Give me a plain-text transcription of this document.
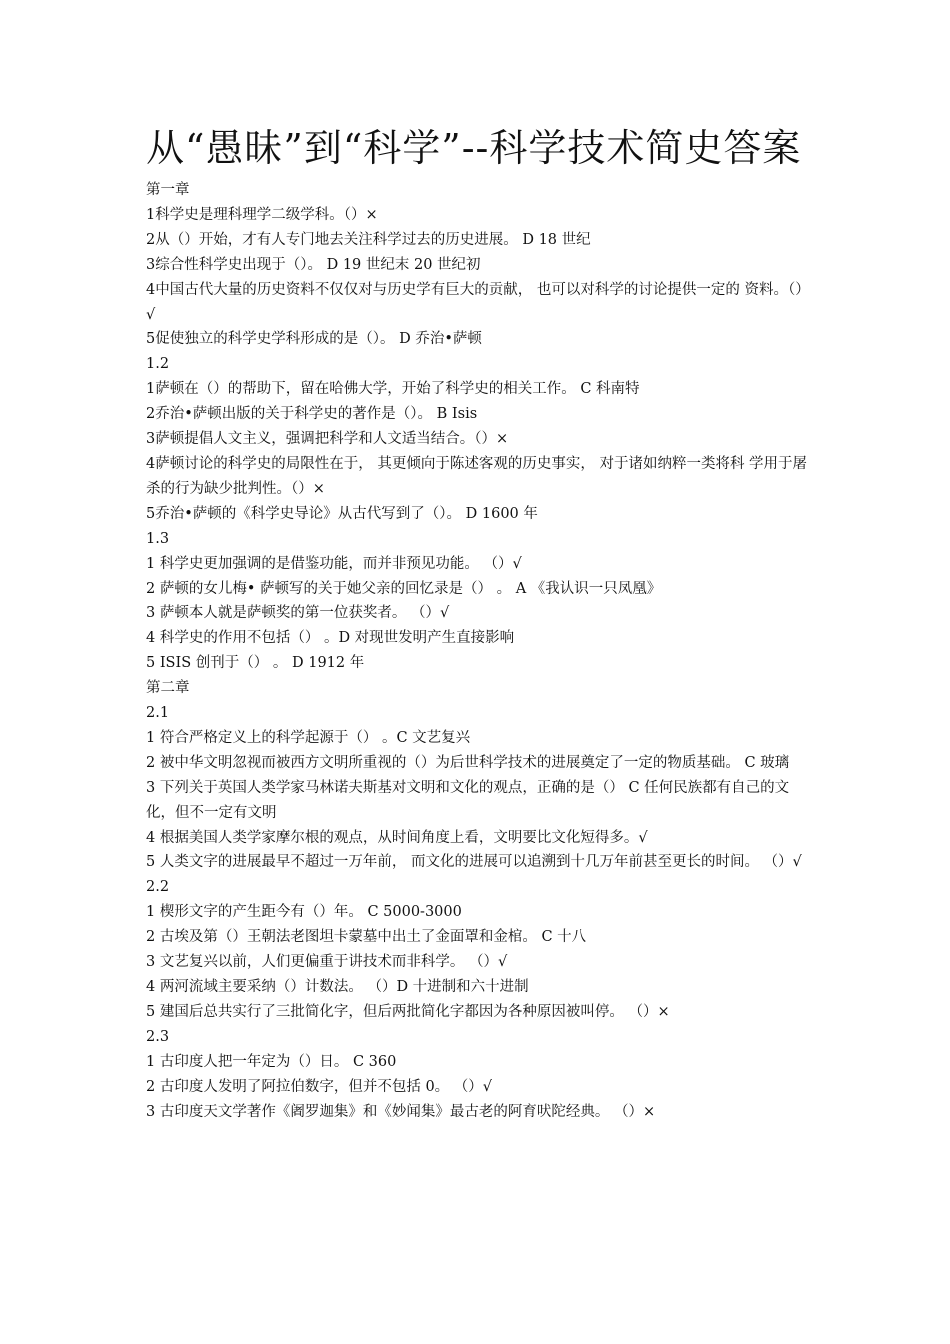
从“愚昧”到“科学”--科学技术简史答案
第一章
1科学史是理科理学二级学科。（）×
2从（）开始，才有人专门地去关注科学过去的历史进展。 D 18 世纪
3综合性科学史出现于（）。 D 19 世纪末 20 世纪初
4中国古代大量的历史资料不仅仅对与历史学有巨大的贡献， 也可以对科学的讨论提供一定的 资料。（）√
5促使独立的科学史学科形成的是（）。 D 乔治•萨顿
1.2
1萨顿在（）的帮助下，留在哈佛大学，开始了科学史的相关工作。 C 科南特
2乔治•萨顿出版的关于科学史的著作是（）。 B Isis
3萨顿提倡人文主义，强调把科学和人文适当结合。（）×
4萨顿讨论的科学史的局限性在于， 其更倾向于陈述客观的历史事实， 对于诸如纳粹一类将科 学用于屠杀的行为缺少批判性。（）×
5乔治•萨顿的《科学史导论》从古代写到了（）。 D 1600 年
1.3
1 科学史更加强调的是借鉴功能，而并非预见功能。 （）√
2 萨顿的女儿梅• 萨顿写的关于她父亲的回忆录是（） 。 A 《我认识一只凤凰》
3 萨顿本人就是萨顿奖的第一位获奖者。 （）√
4 科学史的作用不包括（） 。D 对现世发明产生直接影响
5 ISIS 创刊于（） 。 D 1912 年
第二章
2.1
1 符合严格定义上的科学起源于（） 。C 文艺复兴
2 被中华文明忽视而被西方文明所重视的（）为后世科学技术的进展奠定了一定的物质基础。 C 玻璃
3 下列关于英国人类学家马林诺夫斯基对文明和文化的观点，正确的是（） C 任何民族都有自己的文化，但不一定有文明
4 根据美国人类学家摩尔根的观点，从时间角度上看，文明要比文化短得多。√
5 人类文字的进展最早不超过一万年前， 而文化的进展可以追溯到十几万年前甚至更长的时间。 （）√
2.2
1 楔形文字的产生距今有（）年。 C 5000-3000
2 古埃及第（）王朝法老图坦卡蒙墓中出土了金面罩和金棺。 C 十八
3 文艺复兴以前，人们更偏重于讲技术而非科学。 （）√
4 两河流域主要采纳（）计数法。 （）D 十进制和六十进制
5 建国后总共实行了三批简化字，但后两批简化字都因为各种原因被叫停。 （）×
2.3
1 古印度人把一年定为（）日。 C 360
2 古印度人发明了阿拉伯数字，但并不包括 0。 （）√
3 古印度天文学著作《阇罗迦集》和《妙闻集》最古老的阿育吠陀经典。 （）×
